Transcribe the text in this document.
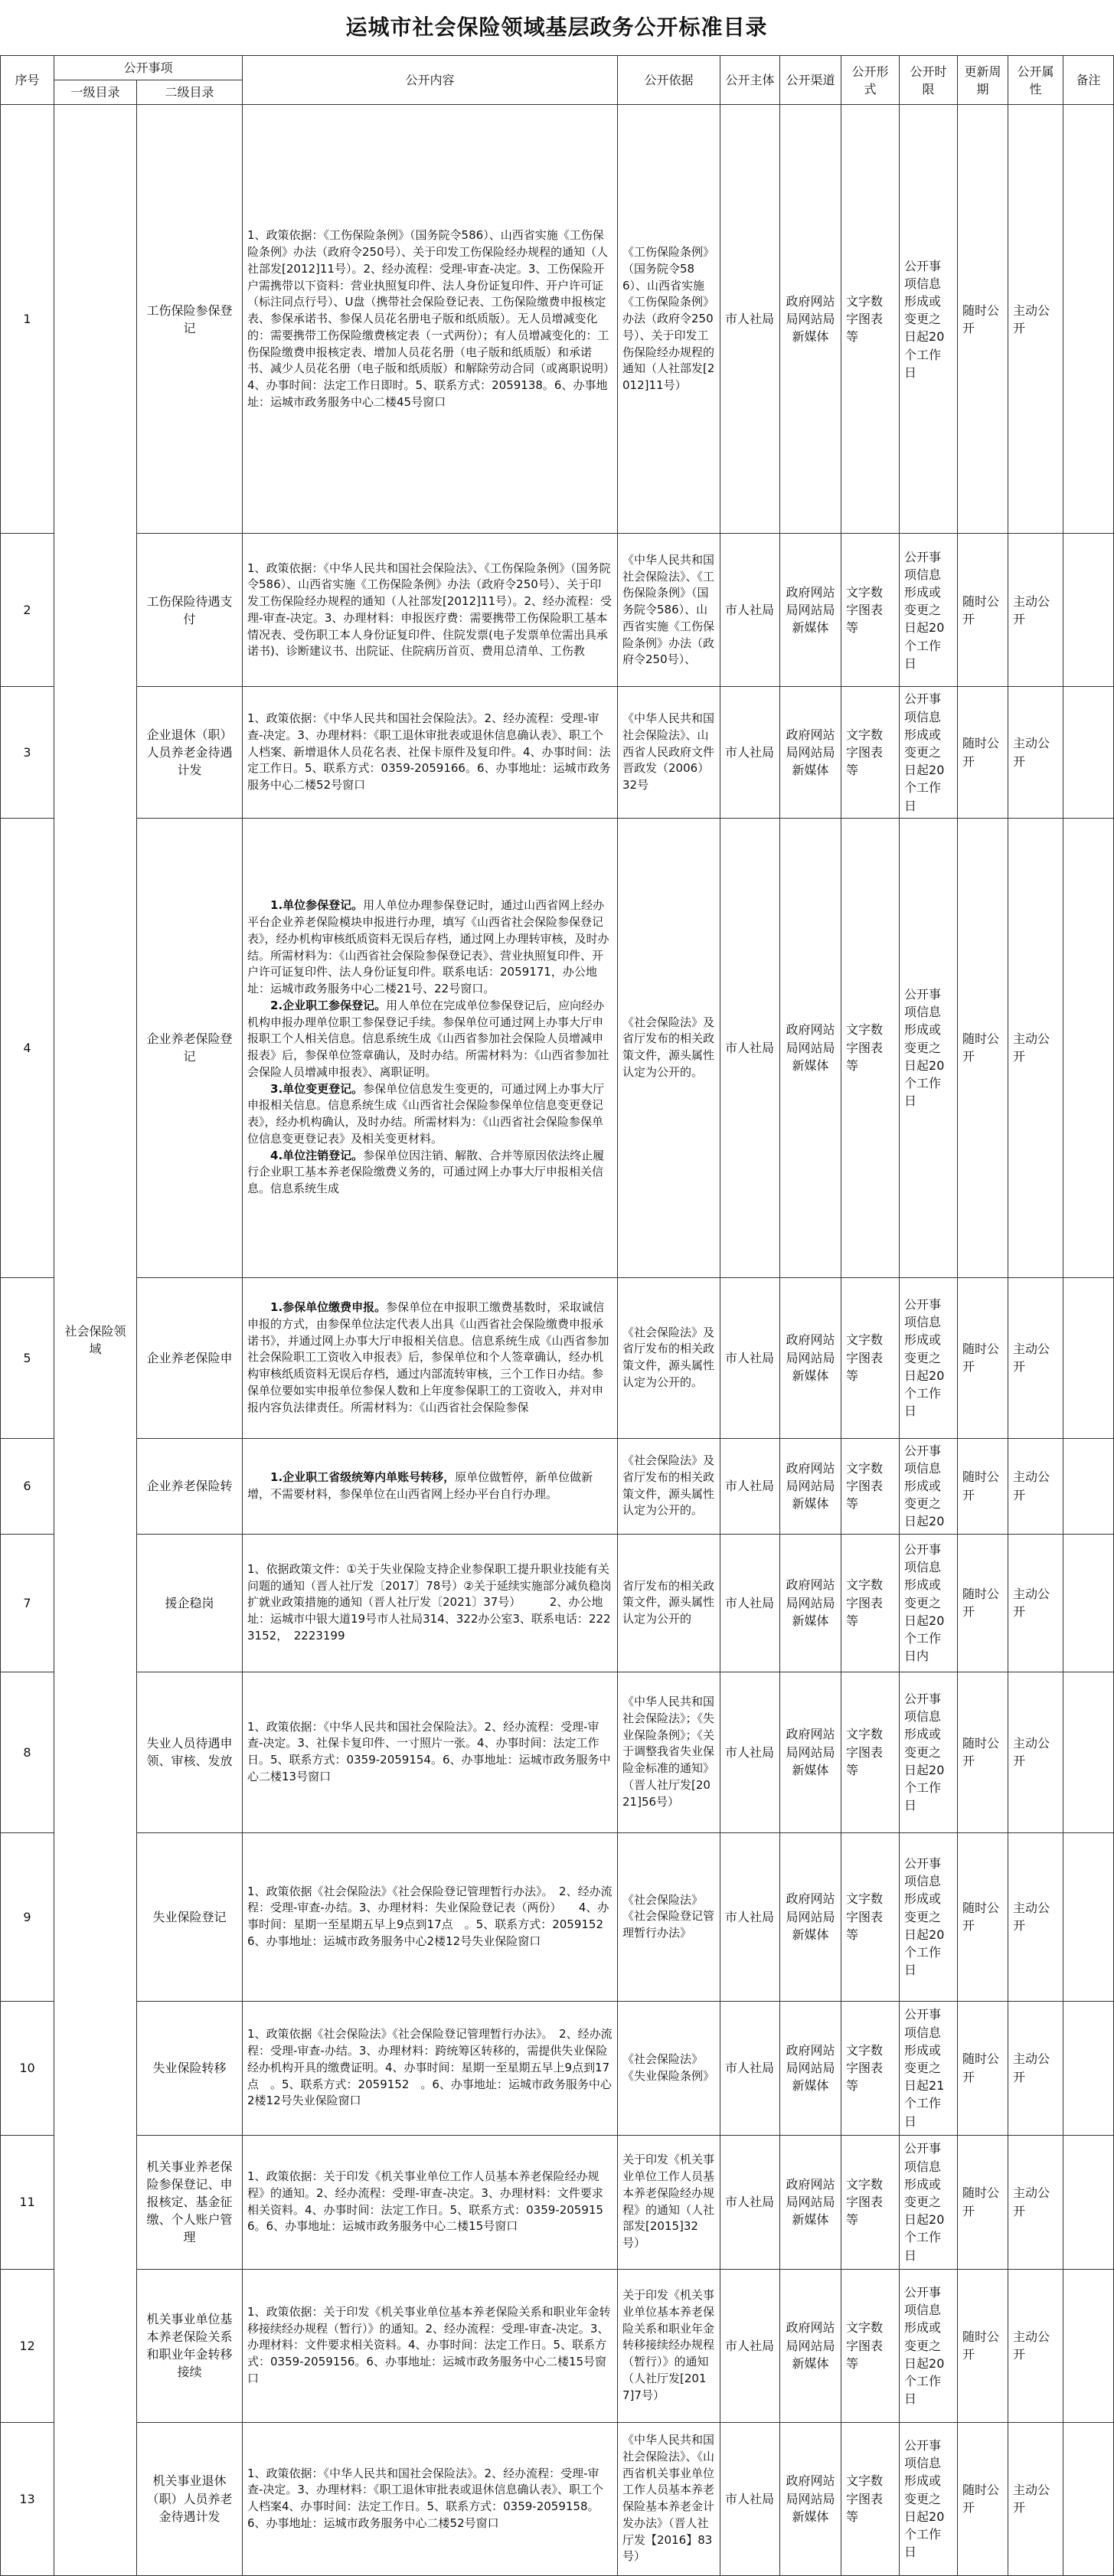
运城市社会保险领域基层政务公开标准目录
序号	公开事项		公开内容	公开依据	公开主体	公开渠道	公开形式	公开时限	更新周期	公开属性	备注
	一级目录	二级目录									
1	社会保险领域	工伤保险参保登记	1、政策依据：《工伤保险条例》（国务院令586）、山西省实施《工伤保险条例》办法（政府令250号）、关于印发工伤保险经办规程的通知（人社部发[2012]11号）。2、经办流程：受理-审查-决定。3、工伤保险开户需携带以下资料：营业执照复印件、法人身份证复印件、开户许可证（标注同点行号）、U盘（携带社会保险登记表、工伤保险缴费申报核定表、参保承诺书、参保人员花名册电子版和纸质版）。无人员增减变化的：需要携带工伤保险缴费核定表（一式两份）；有人员增减变化的：工伤保险缴费申报核定表、增加人员花名册（电子版和纸质版）和承诺书、减少人员花名册（电子版和纸质版）和解除劳动合同（或离职说明）4、办事时间：法定工作日即时。5、联系方式：2059138。6、办事地址：运城市政务服务中心二楼45号窗口	《工伤保险条例》（国务院令586）、山西省实施《工伤保险条例》办法（政府令250号）、关于印发工伤保险经办规程的通知（人社部发[2012]11号）	市人社局	政府网站局网站局新媒体	文字数字图表等	公开事项信息形成或变更之日起20个工作日	随时公开	主动公开	
2		工伤保险待遇支付	1、政策依据：《中华人民共和国社会保险法》、《工伤保险条例》（国务院令586）、山西省实施《工伤保险条例》办法（政府令250号）、关于印发工伤保险经办规程的通知（人社部发[2012]11号）。2、经办流程：受理-审查-决定。3、办理材料：申报医疗费：需要携带工伤保险职工基本情况表、受伤职工本人身份证复印件、住院发票(电子发票单位需出具承诺书)、诊断建议书、出院证、住院病历首页、费用总清单、工伤教	《中华人民共和国社会保险法》、《工伤保险条例》（国务院令586）、山西省实施《工伤保险条例》办法（政府令250号）、	市人社局	政府网站局网站局新媒体	文字数字图表等	公开事项信息形成或变更之日起20个工作日	随时公开	主动公开	
3		企业退休（职）人员养老金待遇计发	1、政策依据：《中华人民共和国社会保险法》。2、经办流程：受理-审查-决定。3、办理材料：《职工退休审批表或退休信息确认表》、职工个人档案、新增退休人员花名表、社保卡原件及复印件。4、办事时间：法定工作日。5、联系方式：0359-2059166。6、办事地址：运城市政务服务中心二楼52号窗口	《中华人民共和国社会保险法》、山西省人民政府文件 晋政发（2006）32号	市人社局	政府网站局网站局新媒体	文字数字图表等	公开事项信息形成或变更之日起20个工作日	随时公开	主动公开	
4		企业养老保险登记	1.单位参保登记。用人单位办理参保登记时，通过山西省网上经办平台企业养老保险模块申报进行办理，填写《山西省社会保险参保登记表》，经办机构审核纸质资料无误后存档，通过网上办理转审核，及时办结。所需材料为：《山西省社会保险参保登记表》、营业执照复印件、开户许可证复印件、法人身份证复印件。联系电话：2059171，办公地址：运城市政务服务中心二楼21号、22号窗口。

2.企业职工参保登记。用人单位在完成单位参保登记后，应向经办机构申报办理单位职工参保登记手续。参保单位可通过网上办事大厅申报职工个人相关信息。信息系统生成《山西省参加社会保险人员增减申报表》后，参保单位签章确认，及时办结。所需材料为：《山西省参加社会保险人员增减申报表》、离职证明。

3.单位变更登记。参保单位信息发生变更的，可通过网上办事大厅申报相关信息。信息系统生成《山西省社会保险参保单位信息变更登记表》，经办机构确认，及时办结。所需材料为：《山西省社会保险参保单位信息变更登记表》及相关变更材料。

4.单位注销登记。参保单位因注销、解散、合并等原因依法终止履行企业职工基本养老保险缴费义务的，可通过网上办事大厅申报相关信息。信息系统生成	《社会保险法》及省厅发布的相关政策文件，源头属性认定为公开的。	市人社局	政府网站局网站局新媒体	文字数字图表等	公开事项信息形成或变更之日起20个工作日	随时公开	主动公开	
5		企业养老保险申	1.参保单位缴费申报。参保单位在申报职工缴费基数时，采取诚信申报的方式，由参保单位法定代表人出具《山西省社会保险缴费申报承诺书》，并通过网上办事大厅申报相关信息。信息系统生成《山西省参加社会保险职工工资收入申报表》后，参保单位和个人签章确认，经办机构审核纸质资料无误后存档，通过内部流转审核，三个工作日办结。参保单位要如实申报单位参保人数和上年度参保职工的工资收入，并对申报内容负法律责任。所需材料为：《山西省社会保险参保	《社会保险法》及省厅发布的相关政策文件，源头属性认定为公开的。	市人社局	政府网站局网站局新媒体	文字数字图表等	公开事项信息形成或变更之日起20个工作日	随时公开	主动公开	
6		企业养老保险转	1.企业职工省级统筹内单账号转移，原单位做暂停，新单位做新增，不需要材料，参保单位在山西省网上经办平台自行办理。	《社会保险法》及省厅发布的相关政策文件，源头属性认定为公开的。	市人社局	政府网站局网站局新媒体	文字数字图表等	公开事项信息形成或变更之日起20	随时公开	主动公开	
7		援企稳岗	1、依据政策文件：①关于失业保险支持企业参保职工提升职业技能有关问题的通知（晋人社厅发〔2017〕78号）②关于延续实施部分减负稳岗扩就业政策措施的通知（晋人社厅发〔2021〕37号）　　　2、办公地址：运城市中银大道19号市人社局314、322办公室3、联系电话：2223152，　2223199	省厅发布的相关政策文件，源头属性认定为公开的	市人社局	政府网站局网站局新媒体	文字数字图表等	公开事项信息形成或变更之日起20个工作日内	随时公开	主动公开	
8		失业人员待遇申领、审核、发放	1、政策依据：《中华人民共和国社会保险法》。2、经办流程：受理-审查-决定。3、社保卡复印件、一寸照片一张。4、办事时间：法定工作日。5、联系方式：0359-2059154。6、办事地址：运城市政务服务中心二楼13号窗口	《中华人民共和国社会保险法》；《失业保险条例》；《关于调整我省失业保险金标准的通知》（晋人社厅发[2021]56号）	市人社局	政府网站局网站局新媒体	文字数字图表等	公开事项信息形成或变更之日起20个工作日	随时公开	主动公开	
9		失业保险登记	1、政策依据《社会保险法》《社会保险登记管理暂行办法》。　2、经办流程：受理-审查-办结。3、办理材料：失业保险登记表（两份）　　4、办事时间：星期一至星期五早上9点到17点　。5、联系方式：2059152　　　6、办事地址：运城市政务服务中心2楼12号失业保险窗口	《社会保险法》《社会保险登记管理暂行办法》	市人社局	政府网站局网站局新媒体	文字数字图表等	公开事项信息形成或变更之日起20个工作日	随时公开	主动公开	
10		失业保险转移	1、政策依据《社会保险法》《社会保险登记管理暂行办法》。　2、经办流程：受理-审查-办结。3、办理材料：跨统筹区转移的，需提供失业保险经办机构开具的缴费证明。4、办事时间：星期一至星期五早上9点到17点　。5、联系方式：2059152　。6、办事地址：运城市政务服务中心2楼12号失业保险窗口	《社会保险法》《失业保险条例》	市人社局	政府网站局网站局新媒体	文字数字图表等	公开事项信息形成或变更之日起21个工作日	随时公开	主动公开	
11		机关事业养老保险参保登记、申报核定、基金征缴、个人账户管理	1、政策依据：关于印发《机关事业单位工作人员基本养老保险经办规程》的通知。2、经办流程：受理-审查-决定。3、办理材料：文件要求相关资料。4、办事时间：法定工作日。5、联系方式：0359-2059156。6、办事地址：运城市政务服务中心二楼15号窗口	关于印发《机关事业单位工作人员基本养老保险经办规程》的通知（人社部发[2015]32号）	市人社局	政府网站局网站局新媒体	文字数字图表等	公开事项信息形成或变更之日起20个工作日	随时公开	主动公开	
12		机关事业单位基本养老保险关系和职业年金转移接续	1、政策依据：关于印发《机关事业单位基本养老保险关系和职业年金转移接续经办规程（暂行）》的通知。2、经办流程：受理-审查-决定。3、办理材料：文件要求相关资料。4、办事时间：法定工作日。5、联系方式：0359-2059156。6、办事地址：运城市政务服务中心二楼15号窗口	关于印发《机关事业单位基本养老保险关系和职业年金转移接续经办规程（暂行）》的通知（人社厅发[2017]7号）	市人社局	政府网站局网站局新媒体	文字数字图表等	公开事项信息形成或变更之日起20个工作日	随时公开	主动公开	
13		机关事业退休（职）人员养老金待遇计发	1、政策依据：《中华人民共和国社会保险法》。2、经办流程：受理-审查-决定。3、办理材料：《职工退休审批表或退休信息确认表》、职工个人档案4、办事时间：法定工作日。5、联系方式：0359-2059158。6、办事地址：运城市政务服务中心二楼52号窗口	《中华人民共和国社会保险法》、《山西省机关事业单位工作人员基本养老保险基本养老金计发办法》（晋人社厅发【2016】83号）	市人社局	政府网站局网站局新媒体	文字数字图表等	公开事项信息形成或变更之日起20个工作日	随时公开	主动公开	
